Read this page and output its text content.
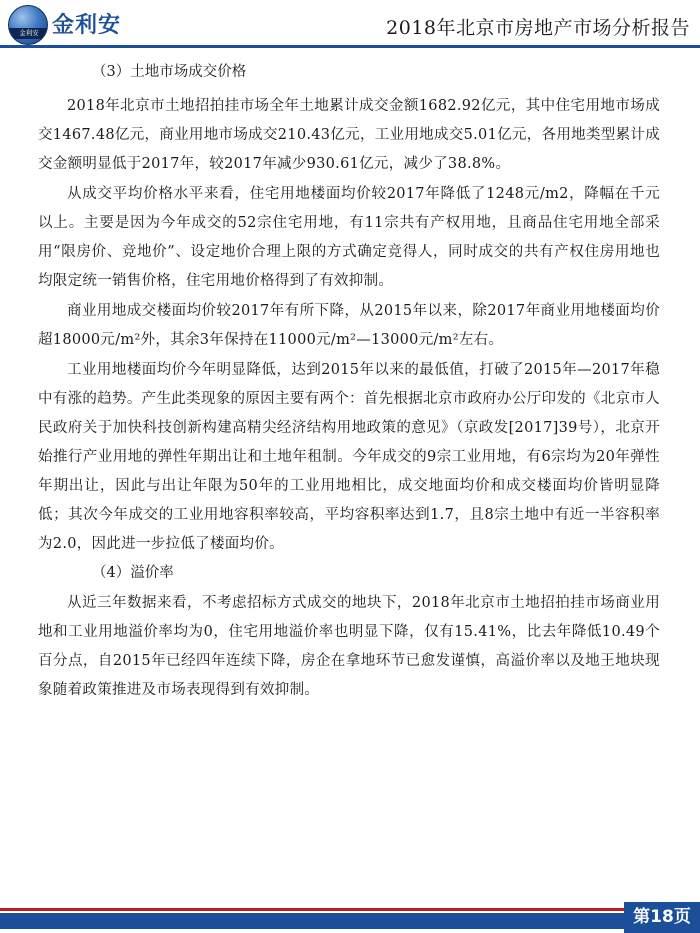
金利安 金利安	2018年北京市房地产市场分析报告
（3）土地市场成交价格

2018年北京市土地招拍挂市场全年土地累计成交金额1682.92亿元，其中住宅用地市场成交1467.48亿元，商业用地市场成交210.43亿元，工业用地成交5.01亿元，各用地类型累计成交金额明显低于2017年，较2017年减少930.61亿元，减少了38.8%。

从成交平均价格水平来看，住宅用地楼面均价较2017年降低了1248元/m2，降幅在千元以上。主要是因为今年成交的52宗住宅用地，有11宗共有产权用地，且商品住宅用地全部采用“限房价、竞地价”、设定地价合理上限的方式确定竞得人，同时成交的共有产权住房用地也均限定统一销售价格，住宅用地价格得到了有效抑制。

商业用地成交楼面均价较2017年有所下降，从2015年以来，除2017年商业用地楼面均价超18000元/m²外，其余3年保持在11000元/m²—13000元/m²左右。

工业用地楼面均价今年明显降低，达到2015年以来的最低值，打破了2015年—2017年稳中有涨的趋势。产生此类现象的原因主要有两个：首先根据北京市政府办公厅印发的《北京市人民政府关于加快科技创新构建高精尖经济结构用地政策的意见》（京政发[2017]39号），北京开始推行产业用地的弹性年期出让和土地年租制。今年成交的9宗工业用地，有6宗均为20年弹性年期出让，因此与出让年限为50年的工业用地相比，成交地面均价和成交楼面均价皆明显降低；其次今年成交的工业用地容积率较高，平均容积率达到1.7，且8宗土地中有近一半容积率为2.0，因此进一步拉低了楼面均价。

（4）溢价率

从近三年数据来看，不考虑招标方式成交的地块下，2018年北京市土地招拍挂市场商业用地和工业用地溢价率均为0，住宅用地溢价率也明显下降，仅有15.41%，比去年降低10.49个百分点，自2015年已经四年连续下降，房企在拿地环节已愈发谨慎，高溢价率以及地王地块现象随着政策推进及市场表现得到有效抑制。

第18页
